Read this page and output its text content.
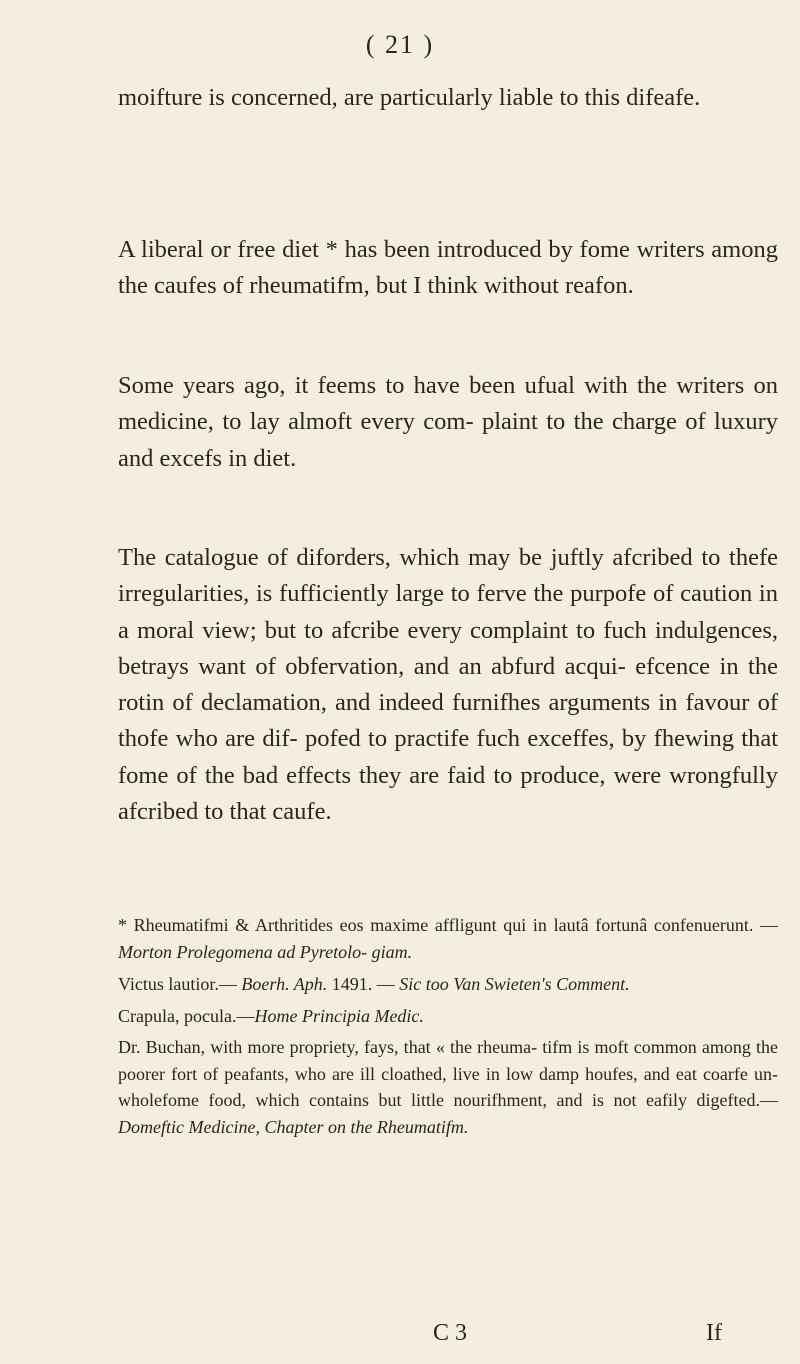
( 21 )

moifture is concerned, are particularly liable to this difeafe.

A liberal or free diet * has been introduced by fome writers among the caufes of rheumatifm, but I think without reafon.

Some years ago, it feems to have been ufual with the writers on medicine, to lay almoft every com- plaint to the charge of luxury and excefs in diet.

The catalogue of diforders, which may be juftly afcribed to thefe irregularities, is fufficiently large to ferve the purpofe of caution in a moral view; but to afcribe every complaint to fuch indulgences, betrays want of obfervation, and an abfurd acqui- efcence in the rotin of declamation, and indeed furnifhes arguments in favour of thofe who are dif- pofed to practife fuch exceffes, by fhewing that fome of the bad effects they are faid to produce, were wrongfully afcribed to that caufe.

* Rheumatifmi & Arthritides eos maxime affligunt qui in lautâ fortunâ confenuerunt. — Morton Prolegomena ad Pyretolo- giam.

Victus lautior.— Boerh. Aph. 1491. — Sic too Van Swieten's Comment.

Crapula, pocula.—Home Principia Medic.

Dr. Buchan, with more propriety, fays, that « the rheuma- tifm is moft common among the poorer fort of peafants, who are ill cloathed, live in low damp houfes, and eat coarfe un- wholefome food, which contains but little nourifhment, and is not eafily digefted.—Domeftic Medicine, Chapter on the Rheumatifm.

C 3	If
